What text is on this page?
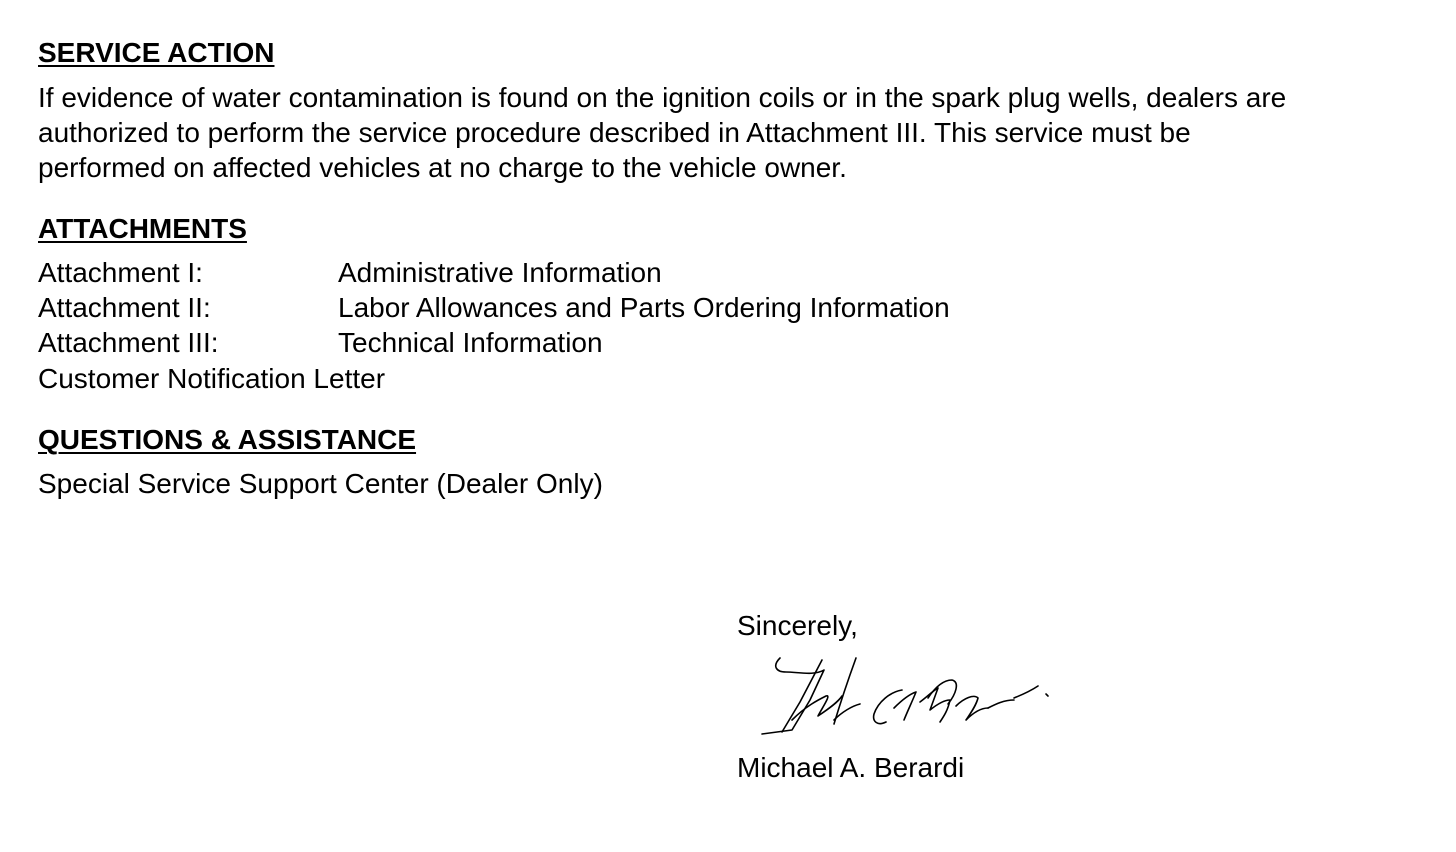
SERVICE ACTION
If evidence of water contamination is found on the ignition coils or in the spark plug wells, dealers are
authorized to perform the service procedure described in Attachment III. This service must be
performed on affected vehicles at no charge to the vehicle owner.
ATTACHMENTS
Attachment I:	Administrative Information
Attachment II:	Labor Allowances and Parts Ordering Information
Attachment III:	Technical Information
Customer Notification Letter
QUESTIONS & ASSISTANCE
Special Service Support Center (Dealer Only)
Sincerely,
Michael A. Berardi
